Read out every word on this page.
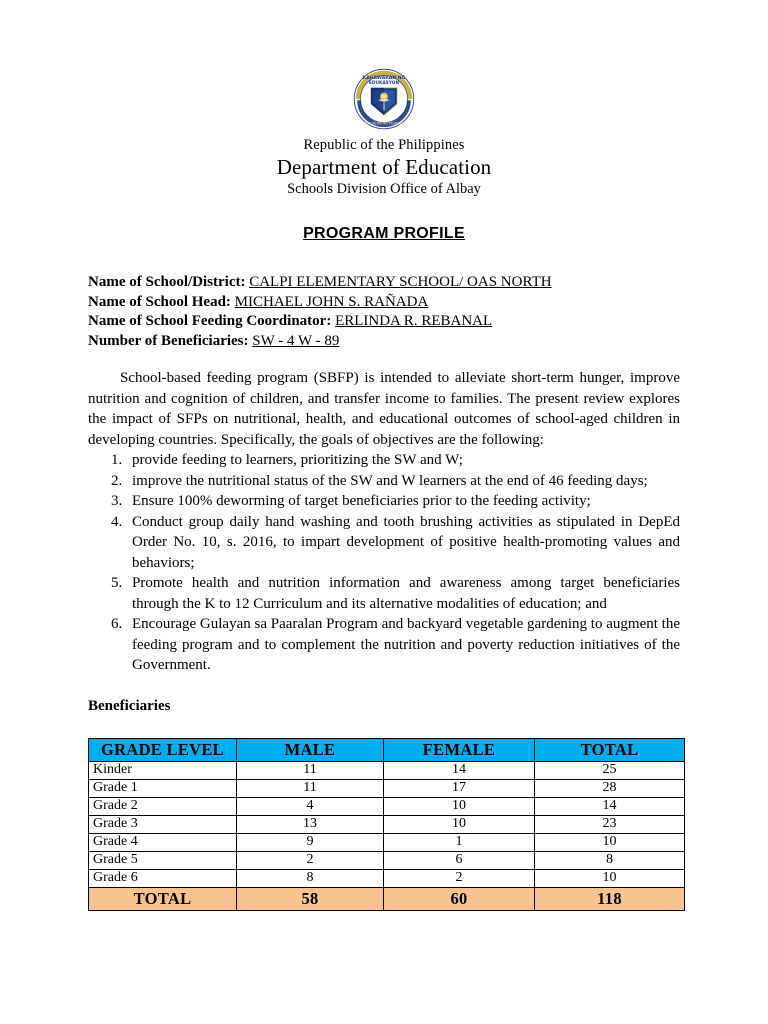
KAGAWARAN NG
EDUKASYON
REPUBLIKA NG PILIPINAS
Republic of the Philippines
Department of Education
Schools Division Office of Albay
PROGRAM PROFILE
Name of School/District: CALPI ELEMENTARY SCHOOL/ OAS NORTH
Name of School Head: MICHAEL JOHN S. RAÑADA
Name of School Feeding Coordinator: ERLINDA R. REBANAL
Number of Beneficiaries: SW - 4 W - 89

School-based feeding program (SBFP) is intended to alleviate short-term hunger, improve nutrition and cognition of children, and transfer income to families. The present review explores the impact of SFPs on nutritional, health, and educational outcomes of school-aged children in developing countries. Specifically, the goals of objectives are the following:

1. provide feeding to learners, prioritizing the SW and W;
2. improve the nutritional status of the SW and W learners at the end of 46 feeding days;
3. Ensure 100% deworming of target beneficiaries prior to the feeding activity;
4. Conduct group daily hand washing and tooth brushing activities as stipulated in DepEd Order No. 10, s. 2016, to impart development of positive health-promoting values and behaviors;
5. Promote health and nutrition information and awareness among target beneficiaries through the K to 12 Curriculum and its alternative modalities of education; and
6. Encourage Gulayan sa Paaralan Program and backyard vegetable gardening to augment the feeding program and to complement the nutrition and poverty reduction initiatives of the Government.
Beneficiaries
GRADE LEVEL	MALE	FEMALE	TOTAL
Kinder	11	14	25
Grade 1	11	17	28
Grade 2	4	10	14
Grade 3	13	10	23
Grade 4	9	1	10
Grade 5	2	6	8
Grade 6	8	2	10
TOTAL	58	60	118
